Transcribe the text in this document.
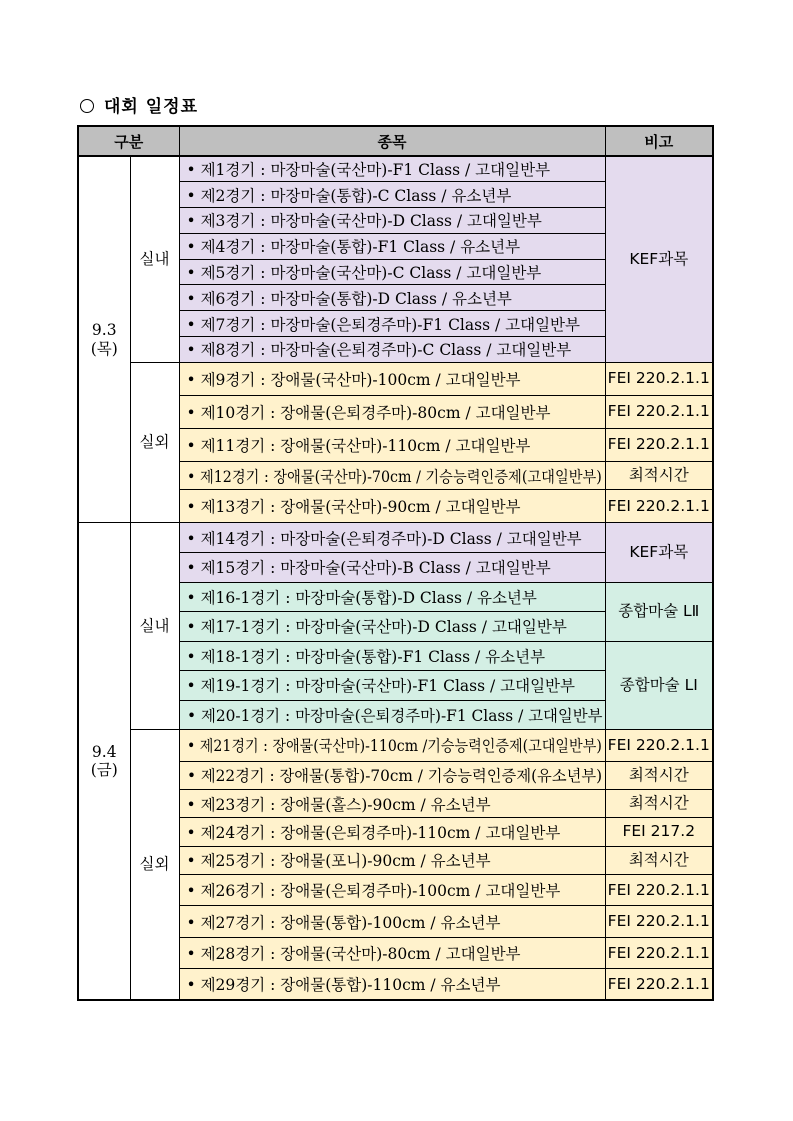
대회 일정표
구분		종목	비고

9.3
(목)	실내	• 제1경기 : 마장마술(국산마)-F1 Class / 고대일반부	KEF과목
		• 제2경기 : 마장마술(통합)-C Class / 유소년부	
		• 제3경기 : 마장마술(국산마)-D Class / 고대일반부	
		• 제4경기 : 마장마술(통합)-F1 Class / 유소년부	
		• 제5경기 : 마장마술(국산마)-C Class / 고대일반부	
		• 제6경기 : 마장마술(통합)-D Class / 유소년부	
		• 제7경기 : 마장마술(은퇴경주마)-F1 Class / 고대일반부	
		• 제8경기 : 마장마술(은퇴경주마)-C Class / 고대일반부	
	실외	• 제9경기 : 장애물(국산마)-100cm / 고대일반부	FEI 220.2.1.1
		• 제10경기 : 장애물(은퇴경주마)-80cm / 고대일반부	FEI 220.2.1.1
		• 제11경기 : 장애물(국산마)-110cm / 고대일반부	FEI 220.2.1.1
		• 제12경기 : 장애물(국산마)-70cm / 기승능력인증제(고대일반부)	최적시간
		• 제13경기 : 장애물(국산마)-90cm / 고대일반부	FEI 220.2.1.1

9.4
(금)	실내	• 제14경기 : 마장마술(은퇴경주마)-D Class / 고대일반부	KEF과목
		• 제15경기 : 마장마술(국산마)-B Class / 고대일반부	
		• 제16-1경기 : 마장마술(통합)-D Class / 유소년부	종합마술 LⅡ
		• 제17-1경기 : 마장마술(국산마)-D Class / 고대일반부	
		• 제18-1경기 : 마장마술(통합)-F1 Class / 유소년부	종합마술 LⅠ
		• 제19-1경기 : 마장마술(국산마)-F1 Class / 고대일반부	
		• 제20-1경기 : 마장마술(은퇴경주마)-F1 Class / 고대일반부	
	실외	• 제21경기 : 장애물(국산마)-110cm /기승능력인증제(고대일반부)	FEI 220.2.1.1
		• 제22경기 : 장애물(통합)-70cm / 기승능력인증제(유소년부)	최적시간
		• 제23경기 : 장애물(홀스)-90cm / 유소년부	최적시간
		• 제24경기 : 장애물(은퇴경주마)-110cm / 고대일반부	FEI 217.2
		• 제25경기 : 장애물(포니)-90cm / 유소년부	최적시간
		• 제26경기 : 장애물(은퇴경주마)-100cm / 고대일반부	FEI 220.2.1.1
		• 제27경기 : 장애물(통합)-100cm / 유소년부	FEI 220.2.1.1
		• 제28경기 : 장애물(국산마)-80cm / 고대일반부	FEI 220.2.1.1
		• 제29경기 : 장애물(통합)-110cm / 유소년부	FEI 220.2.1.1
